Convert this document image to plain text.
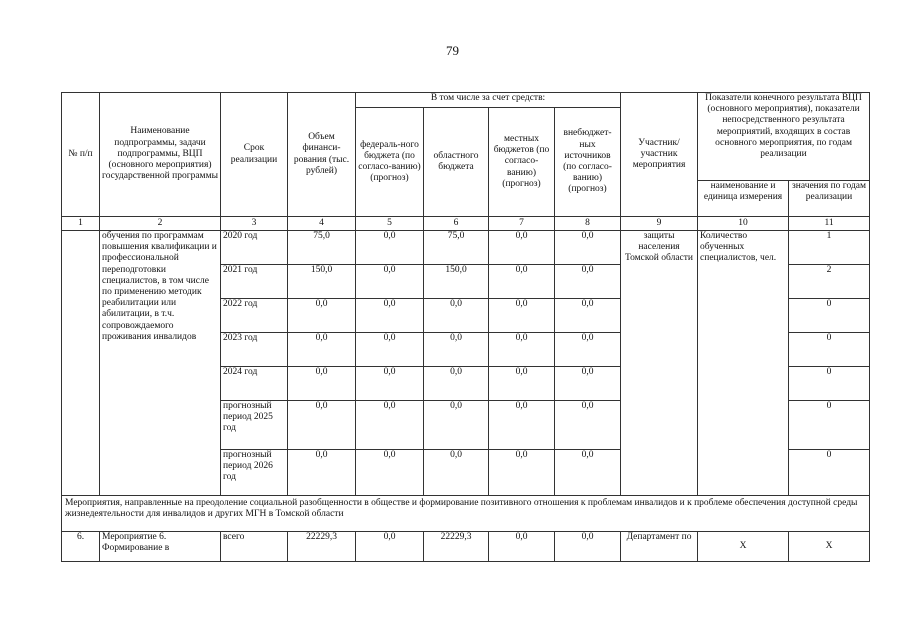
79
№ п/п	Наименование подпрограммы, задачи подпрограммы, ВЦП (основного мероприятия) государственной программы	Срок реализации	Объем финанси-рования (тыс. рублей)	В том числе за счет средств:				Участник/ участник мероприятия	Показатели конечного результата ВЦП (основного мероприятия), показатели непосредственного результата мероприятий, входящих в состав основного мероприятия, по годам реализации	
				федераль-ного бюджета (по согласо-ванию) (прогноз)	областного бюджета	местных бюджетов (по согласо-ванию) (прогноз)	внебюджет-ных источников (по согласо-ванию) (прогноз)			
									наименование и единица измерения	значения по годам реализации
1	2	3	4	5	6	7	8	9	10	11
	обучения по программам повышения квалификации и профессиональной переподготовки специалистов, в том числе по применению методик реабилитации или абилитации, в т.ч. сопровождаемого проживания инвалидов	2020 год	75,0	0,0	75,0	0,0	0,0	защиты населения Томской области	Количество обученных специалистов, чел.	1
		2021 год	150,0	0,0	150,0	0,0	0,0			2
		2022 год	0,0	0,0	0,0	0,0	0,0			0
		2023 год	0,0	0,0	0,0	0,0	0,0			0
		2024 год	0,0	0,0	0,0	0,0	0,0			0
		прогнозный период 2025 год	0,0	0,0	0,0	0,0	0,0			0
		прогнозный период 2026 год	0,0	0,0	0,0	0,0	0,0			0
Мероприятия, направленные на преодоление социальной разобщенности в обществе и формирование позитивного отношения к проблемам инвалидов и к проблеме обеспечения доступной среды жизнедеятельности для инвалидов и других МГН в Томской области										
6.	Мероприятие 6. Формирование в	всего	22229,3	0,0	22229,3	0,0	0,0	Департамент по	Х	Х
